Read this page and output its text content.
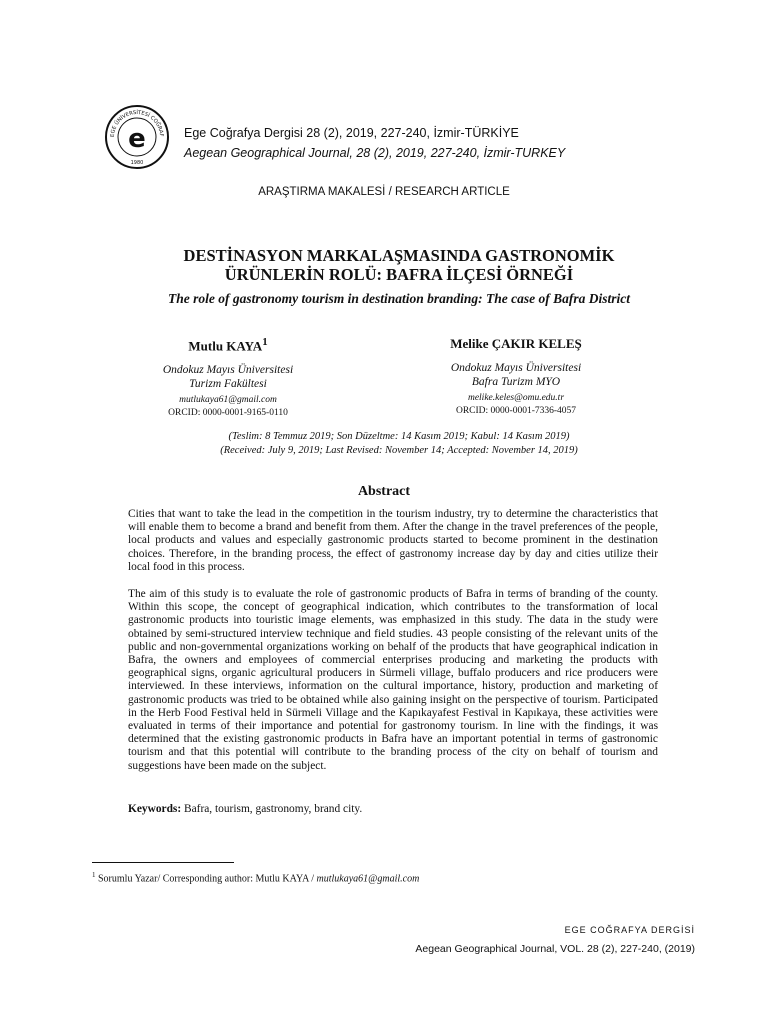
EGE ÜNİVERSİTESİ COĞRAF
e
1980
Ege Coğrafya Dergisi 28 (2), 2019, 227-240, İzmir-TÜRKİYE
Aegean Geographical Journal, 28 (2), 2019, 227-240, İzmir-TURKEY
ARAŞTIRMA MAKALESİ / RESEARCH ARTICLE
DESTİNASYON MARKALAŞMASINDA GASTRONOMİK
ÜRÜNLERİN ROLÜ: BAFRA İLÇESİ ÖRNEĞİ
The role of gastronomy tourism in destination branding: The case of Bafra District
Mutlu KAYA$^1$
Ondokuz Mayıs Üniversitesi
Turizm Fakültesi
mutlukaya61@gmail.com
ORCID: 0000-0001-9165-0110
Melike ÇAKIR KELEŞ
Ondokuz Mayıs Üniversitesi
Bafra Turizm MYO
melike.keles@omu.edu.tr
ORCID: 0000-0001-7336-4057
(Teslim: 8 Temmuz 2019; Son Düzeltme: 14 Kasım 2019; Kabul: 14 Kasım 2019)
(Received: July 9, 2019; Last Revised: November 14; Accepted: November 14, 2019)
Abstract
Cities that want to take the lead in the competition in the tourism industry, try to determine the characteristics that will enable them to become a brand and benefit from them. After the change in the travel preferences of the people, local products and values and especially gastronomic products started to become prominent in the destination choices. Therefore, in the branding process, the effect of gastronomy increase day by day and cities utilize their local food in this process.
The aim of this study is to evaluate the role of gastronomic products of Bafra in terms of branding of the county. Within this scope, the concept of geographical indication, which contributes to the transformation of local gastronomic products into touristic image elements, was emphasized in this study. The data in the study were obtained by semi-structured interview technique and field studies. 43 people consisting of the relevant units of the public and non-governmental organizations working on behalf of the products that have geographical indication in Bafra, the owners and employees of commercial enterprises producing and marketing the products with geographical signs, organic agricultural producers in Sürmeli village, buffalo producers and rice producers were interviewed. In these interviews, information on the cultural importance, history, production and marketing of gastronomic products was tried to be obtained while also gaining insight on the perspective of tourism. Participated in the Herb Food Festival held in Sürmeli Village and the Kapıkayafest Festival in Kapıkaya, these activities were evaluated in terms of their importance and potential for gastronomy tourism. In line with the findings, it was determined that the existing gastronomic products in Bafra have an important potential in terms of gastronomic tourism and that this potential will contribute to the branding process of the city on behalf of tourism and suggestions have been made on the subject.
Keywords: Bafra, tourism, gastronomy, brand city.
$^1$ Sorumlu Yazar/ Corresponding author: Mutlu KAYA / mutlukaya61@gmail.com
EGE COĞRAFYA DERGİSİ
Aegean Geographical Journal, VOL. 28 (2), 227-240, (2019)
